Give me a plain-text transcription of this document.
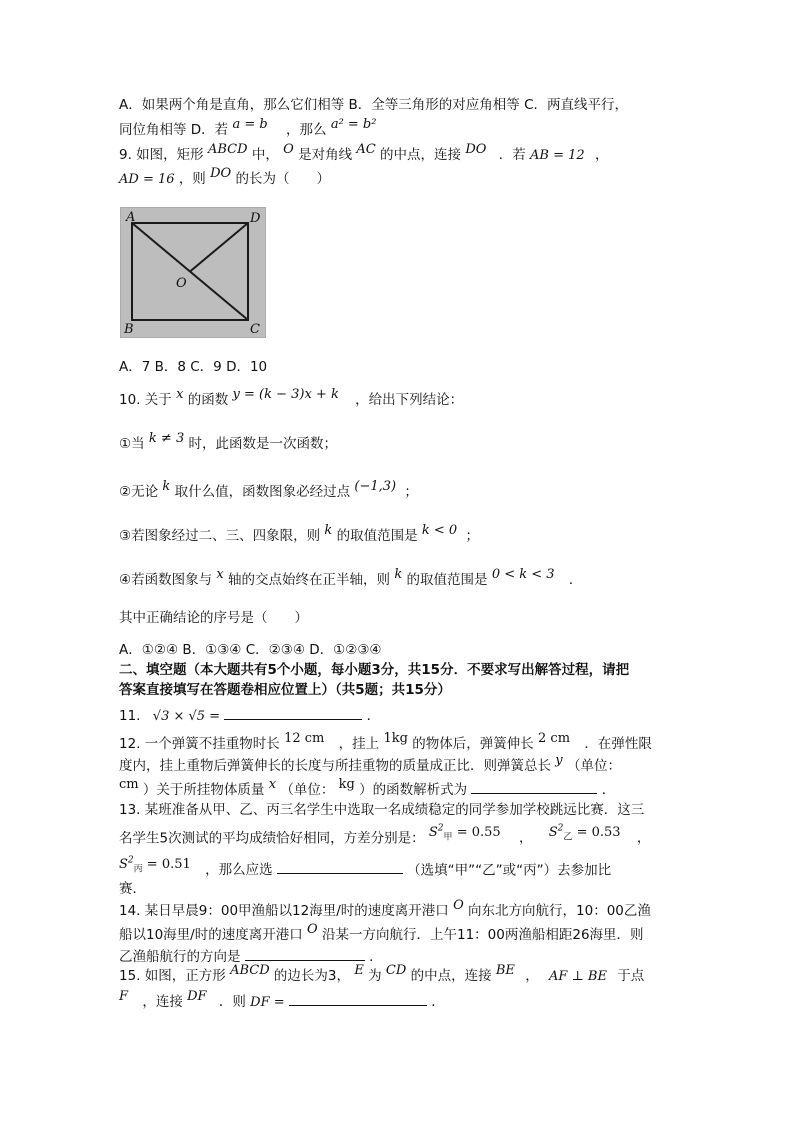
A．如果两个角是直角，那么它们相等 B．全等三角形的对应角相等 C．两直线平行，
同位角相等 D．若 a = b ，那么 a² = b²
9. 如图，矩形 ABCD 中， O 是对角线 AC 的中点，连接 DO ．若 AB = 12 ，
AD = 16 ，则 DO 的长为（　　）
A	D
B	C
O
A．7 B．8 C．9 D．10
10. 关于 x 的函数 y = (k − 3)x + k ，给出下列结论：
①当 k ≠ 3 时，此函数是一次函数；
②无论 k 取什么值，函数图象必经过点 (−1,3) ；
③若图象经过二、三、四象限，则 k 的取值范围是 k < 0 ；
④若函数图象与 x 轴的交点始终在正半轴，则 k 的取值范围是 0 < k < 3 ．
其中正确结论的序号是（　　）
A．①②④ B．①③④ C．②③④ D．①②③④
二、填空题（本大题共有5个小题，每小题3分，共15分．不要求写出解答过程，请把
答案直接填写在答题卷相应位置上）（共5题；共15分）
11. √3 × √5 =	．
12. 一个弹簧不挂重物时长 12 cm ，挂上 1kg 的物体后，弹簧伸长 2 cm ．在弹性限
度内，挂上重物后弹簧伸长的长度与所挂重物的质量成正比．则弹簧总长 y （单位：
cm ）关于所挂物体质量 x （单位： kg ）的函数解析式为	．
13. 某班准备从甲、乙、丙三名学生中选取一名成绩稳定的同学参加学校跳远比赛．这三
名学生5次测试的平均成绩恰好相同，方差分别是： $S^2_甲 = 0.55$ ， $S^2_乙 = 0.53$ ，
$S^2_丙 = 0.51$ ，那么应选	（选填“甲”“乙”或“丙”）去参加比
赛．
14. 某日早晨9：00甲渔船以12海里/时的速度离开港口 O 向东北方向航行，10：00乙渔
船以10海里/时的速度离开港口 O 沿某一方向航行．上午11：00两渔船相距26海里．则
乙渔船航行的方向是	．
15. 如图，正方形 ABCD 的边长为3， E 为 CD 的中点，连接 BE ， AF ⊥ BE 于点
F ，连接 DF ．则 DF =	．
